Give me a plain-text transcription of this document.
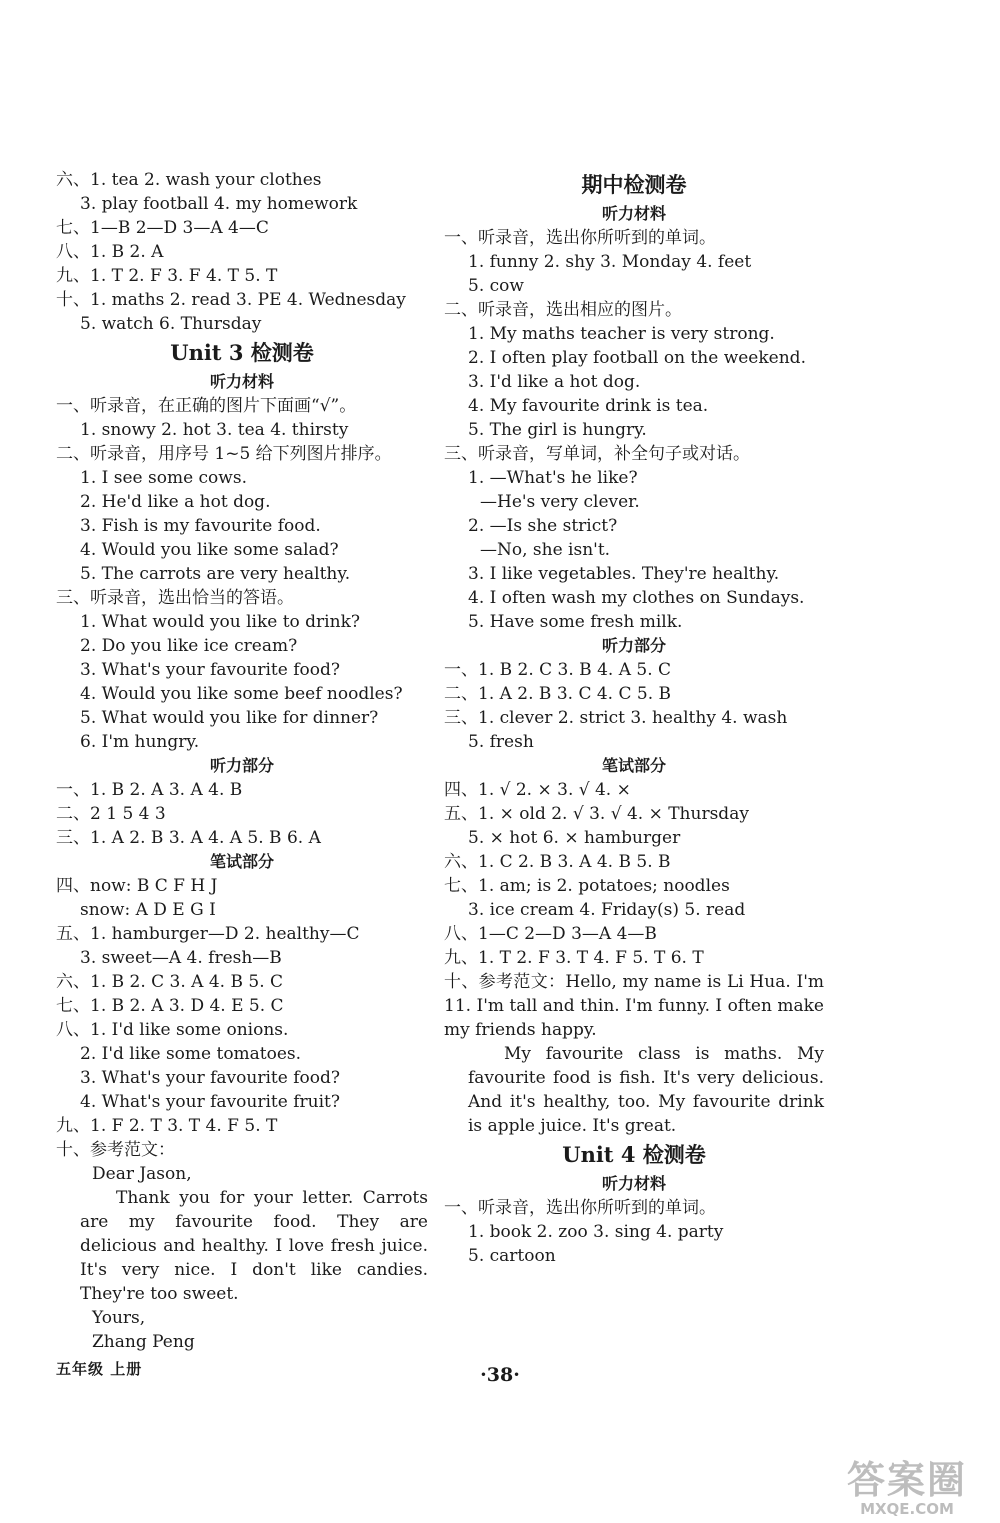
六、1. tea 2. wash your clothes
3. play football 4. my homework
七、1—B 2—D 3—A 4—C
八、1. B 2. A
九、1. T 2. F 3. F 4. T 5. T
十、1. maths 2. read 3. PE 4. Wednesday
5. watch 6. Thursday
Unit 3 检测卷
听力材料
一、听录音，在正确的图片下面画“√”。
1. snowy 2. hot 3. tea 4. thirsty
二、听录音，用序号 1~5 给下列图片排序。
1. I see some cows.
2. He'd like a hot dog.
3. Fish is my favourite food.
4. Would you like some salad?
5. The carrots are very healthy.
三、听录音，选出恰当的答语。
1. What would you like to drink?
2. Do you like ice cream?
3. What's your favourite food?
4. Would you like some beef noodles?
5. What would you like for dinner?
6. I'm hungry.
听力部分
一、1. B 2. A 3. A 4. B
二、2 1 5 4 3
三、1. A 2. B 3. A 4. A 5. B 6. A
笔试部分
四、now: B C F H J
snow: A D E G I
五、1. hamburger—D 2. healthy—C
3. sweet—A 4. fresh—B
六、1. B 2. C 3. A 4. B 5. C
七、1. B 2. A 3. D 4. E 5. C
八、1. I'd like some onions.
2. I'd like some tomatoes.
3. What's your favourite food?
4. What's your favourite fruit?
九、1. F 2. T 3. T 4. F 5. T
十、参考范文：
Dear Jason,

Thank you for your letter. Carrots are my favourite food. They are delicious and healthy. I love fresh juice. It's very nice. I don't like candies. They're too sweet.

Yours,
Zhang Peng
期中检测卷
听力材料
一、听录音，选出你所听到的单词。
1. funny 2. shy 3. Monday 4. feet
5. cow
二、听录音，选出相应的图片。
1. My maths teacher is very strong.
2. I often play football on the weekend.
3. I'd like a hot dog.
4. My favourite drink is tea.
5. The girl is hungry.
三、听录音，写单词，补全句子或对话。
1. —What's he like?
—He's very clever.
2. —Is she strict?
—No, she isn't.
3. I like vegetables. They're healthy.
4. I often wash my clothes on Sundays.
5. Have some fresh milk.
听力部分
一、1. B 2. C 3. B 4. A 5. C
二、1. A 2. B 3. C 4. C 5. B
三、1. clever 2. strict 3. healthy 4. wash
5. fresh
笔试部分
四、1. √ 2. × 3. √ 4. ×
五、1. × old 2. √ 3. √ 4. × Thursday
5. × hot 6. × hamburger
六、1. C 2. B 3. A 4. B 5. B
七、1. am; is 2. potatoes; noodles
3. ice cream 4. Friday(s) 5. read
八、1—C 2—D 3—A 4—B
九、1. T 2. F 3. T 4. F 5. T 6. T

十、参考范文：Hello, my name is Li Hua. I'm 11. I'm tall and thin. I'm funny. I often make my friends happy.

My favourite class is maths. My favourite food is fish. It's very delicious. And it's healthy, too. My favourite drink is apple juice. It's great.

Unit 4 检测卷
听力材料
一、听录音，选出你所听到的单词。
1. book 2. zoo 3. sing 4. party
5. cartoon
五年级 上册	·38·
答案圈
MXQE.COM
